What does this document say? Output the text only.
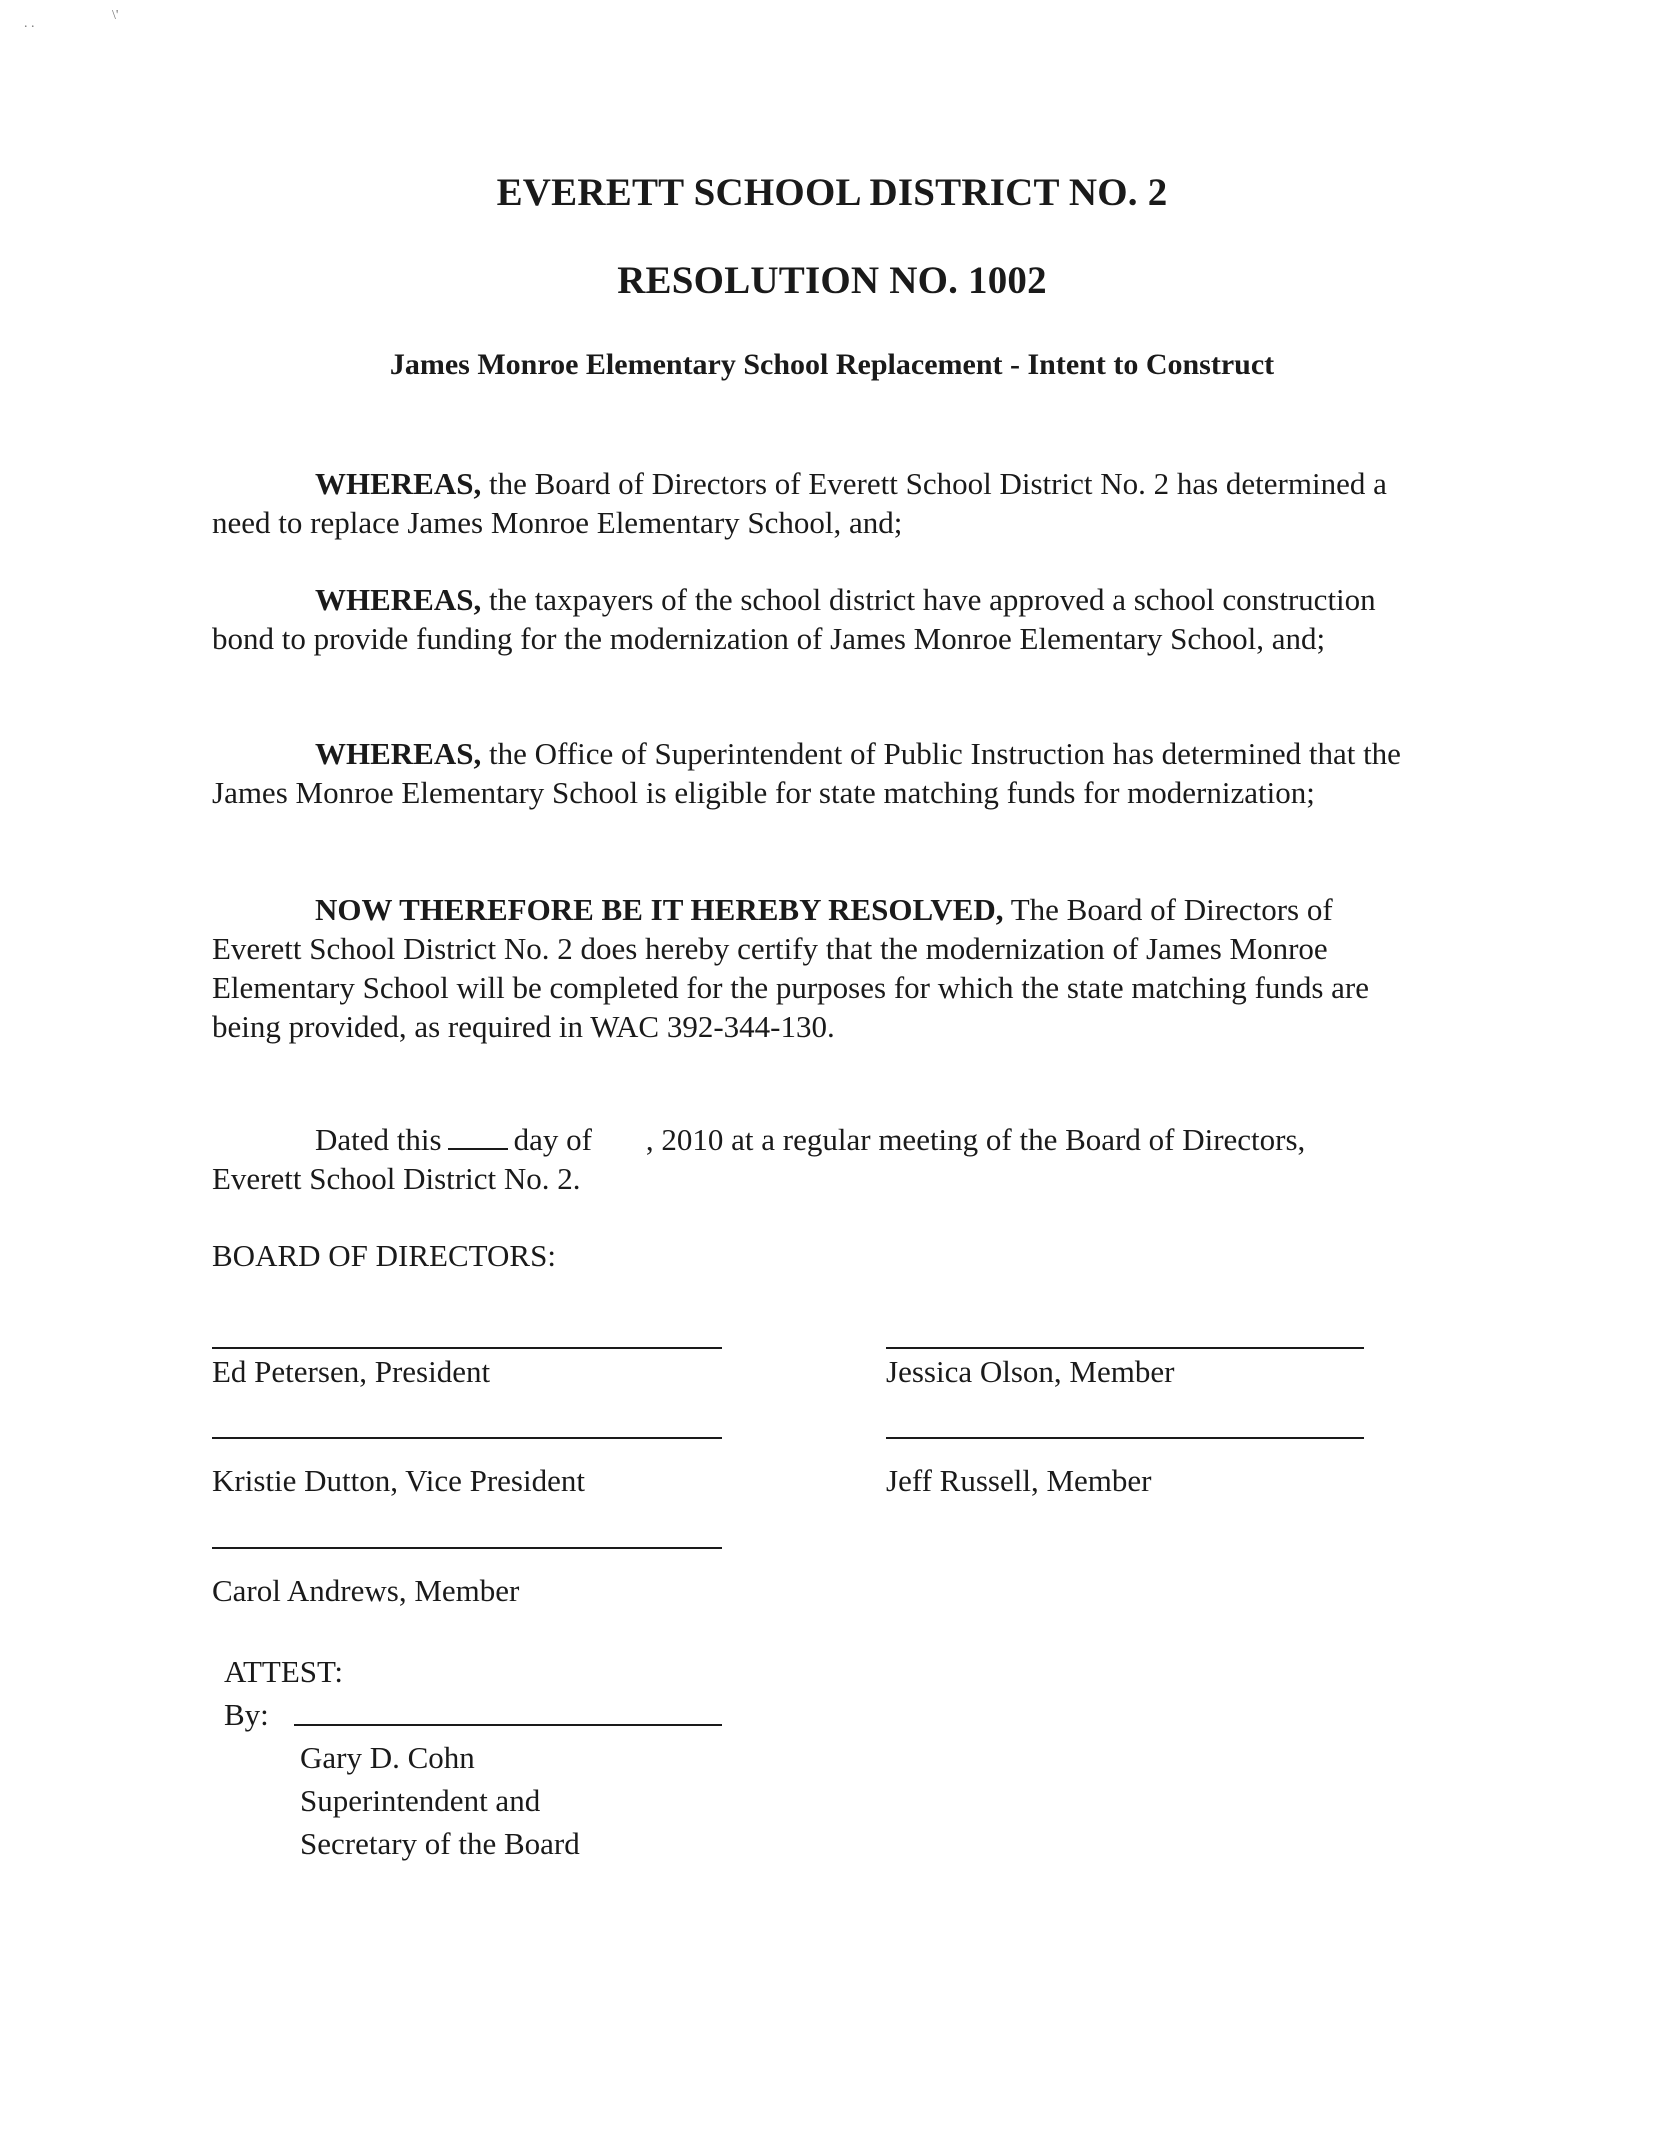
. .
\'
EVERETT SCHOOL DISTRICT NO. 2
RESOLUTION NO. 1002
James Monroe Elementary School Replacement - Intent to Construct

WHEREAS, the Board of Directors of Everett School District No. 2 has determined a need to replace James Monroe Elementary School, and;

WHEREAS, the taxpayers of the school district have approved a school construction bond to provide funding for the modernization of James Monroe Elementary School, and;

WHEREAS, the Office of Superintendent of Public Instruction has determined that the James Monroe Elementary School is eligible for state matching funds for modernization;

NOW THEREFORE BE IT HEREBY RESOLVED, The Board of Directors of Everett School District No. 2 does hereby certify that the modernization of James Monroe Elementary School will be completed for the purposes for which the state matching funds are being provided, as required in WAC 392-344-130.

Dated this day of , 2010 at a regular meeting of the Board of Directors,
Everett School District No. 2.
BOARD OF DIRECTORS:
Ed Petersen, President	Jessica Olson, Member
Kristie Dutton, Vice President	Jeff Russell, Member
Carol Andrews, Member
ATTEST:
By:
Gary D. Cohn
Superintendent and
Secretary of the Board
